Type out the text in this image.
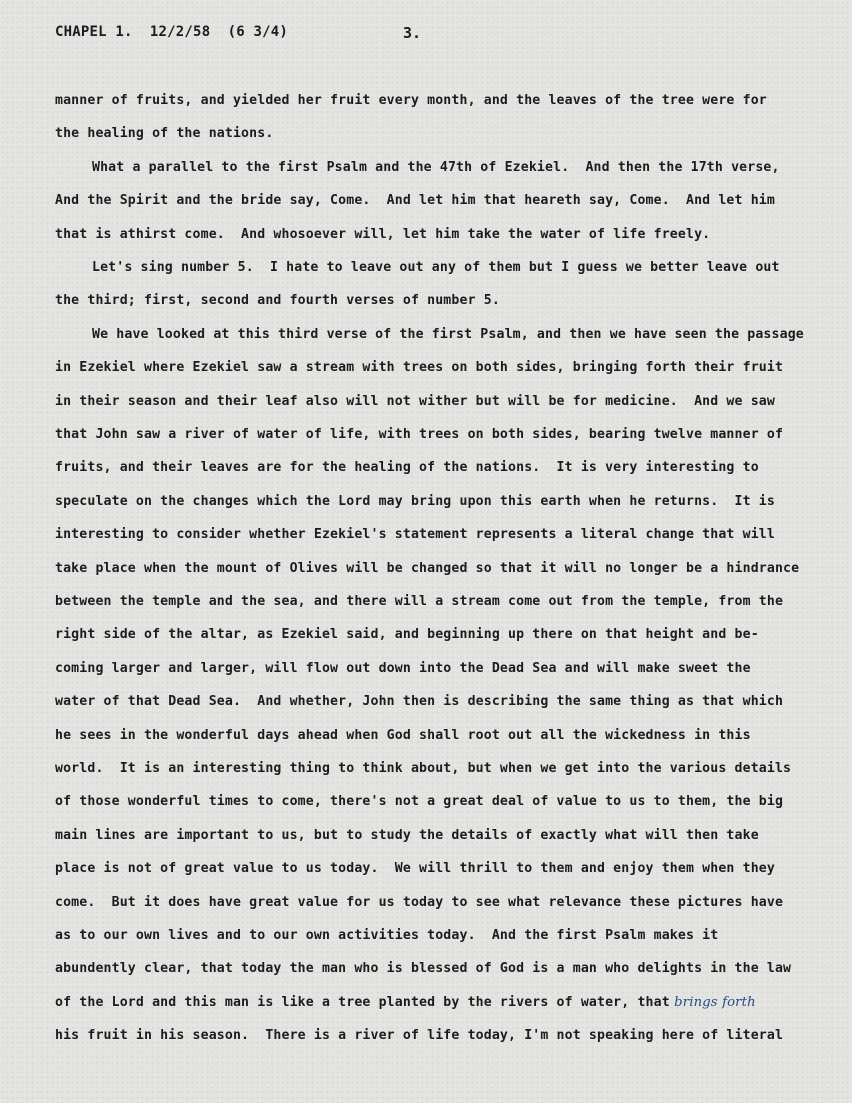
CHAPEL 1.  12/2/58  (6 3/4)	3.
manner of fruits, and yielded her fruit every month, and the leaves of the tree were for
the healing of the nations.
What a parallel to the first Psalm and the 47th of Ezekiel.  And then the 17th verse,
And the Spirit and the bride say, Come.  And let him that heareth say, Come.  And let him
that is athirst come.  And whosoever will, let him take the water of life freely.
Let's sing number 5.  I hate to leave out any of them but I guess we better leave out
the third; first, second and fourth verses of number 5.
We have looked at this third verse of the first Psalm, and then we have seen the passage
in Ezekiel where Ezekiel saw a stream with trees on both sides, bringing forth their fruit
in their season and their leaf also will not wither but will be for medicine.  And we saw
that John saw a river of water of life, with trees on both sides, bearing twelve manner of
fruits, and their leaves are for the healing of the nations.  It is very interesting to
speculate on the changes which the Lord may bring upon this earth when he returns.  It is
interesting to consider whether Ezekiel's statement represents a literal change that will
take place when the mount of Olives will be changed so that it will no longer be a hindrance
between the temple and the sea, and there will a stream come out from the temple, from the
right side of the altar, as Ezekiel said, and beginning up there on that height and be-
coming larger and larger, will flow out down into the Dead Sea and will make sweet the
water of that Dead Sea.  And whether, John then is describing the same thing as that which
he sees in the wonderful days ahead when God shall root out all the wickedness in this
world.  It is an interesting thing to think about, but when we get into the various details
of those wonderful times to come, there's not a great deal of value to us to them, the big
main lines are important to us, but to study the details of exactly what will then take
place is not of great value to us today.  We will thrill to them and enjoy them when they
come.  But it does have great value for us today to see what relevance these pictures have
as to our own lives and to our own activities today.  And the first Psalm makes it
abundently clear, that today the man who is blessed of God is a man who delights in the law
of the Lord and this man is like a tree planted by the rivers of water, that brings forth
his fruit in his season.  There is a river of life today, I'm not speaking here of literal
